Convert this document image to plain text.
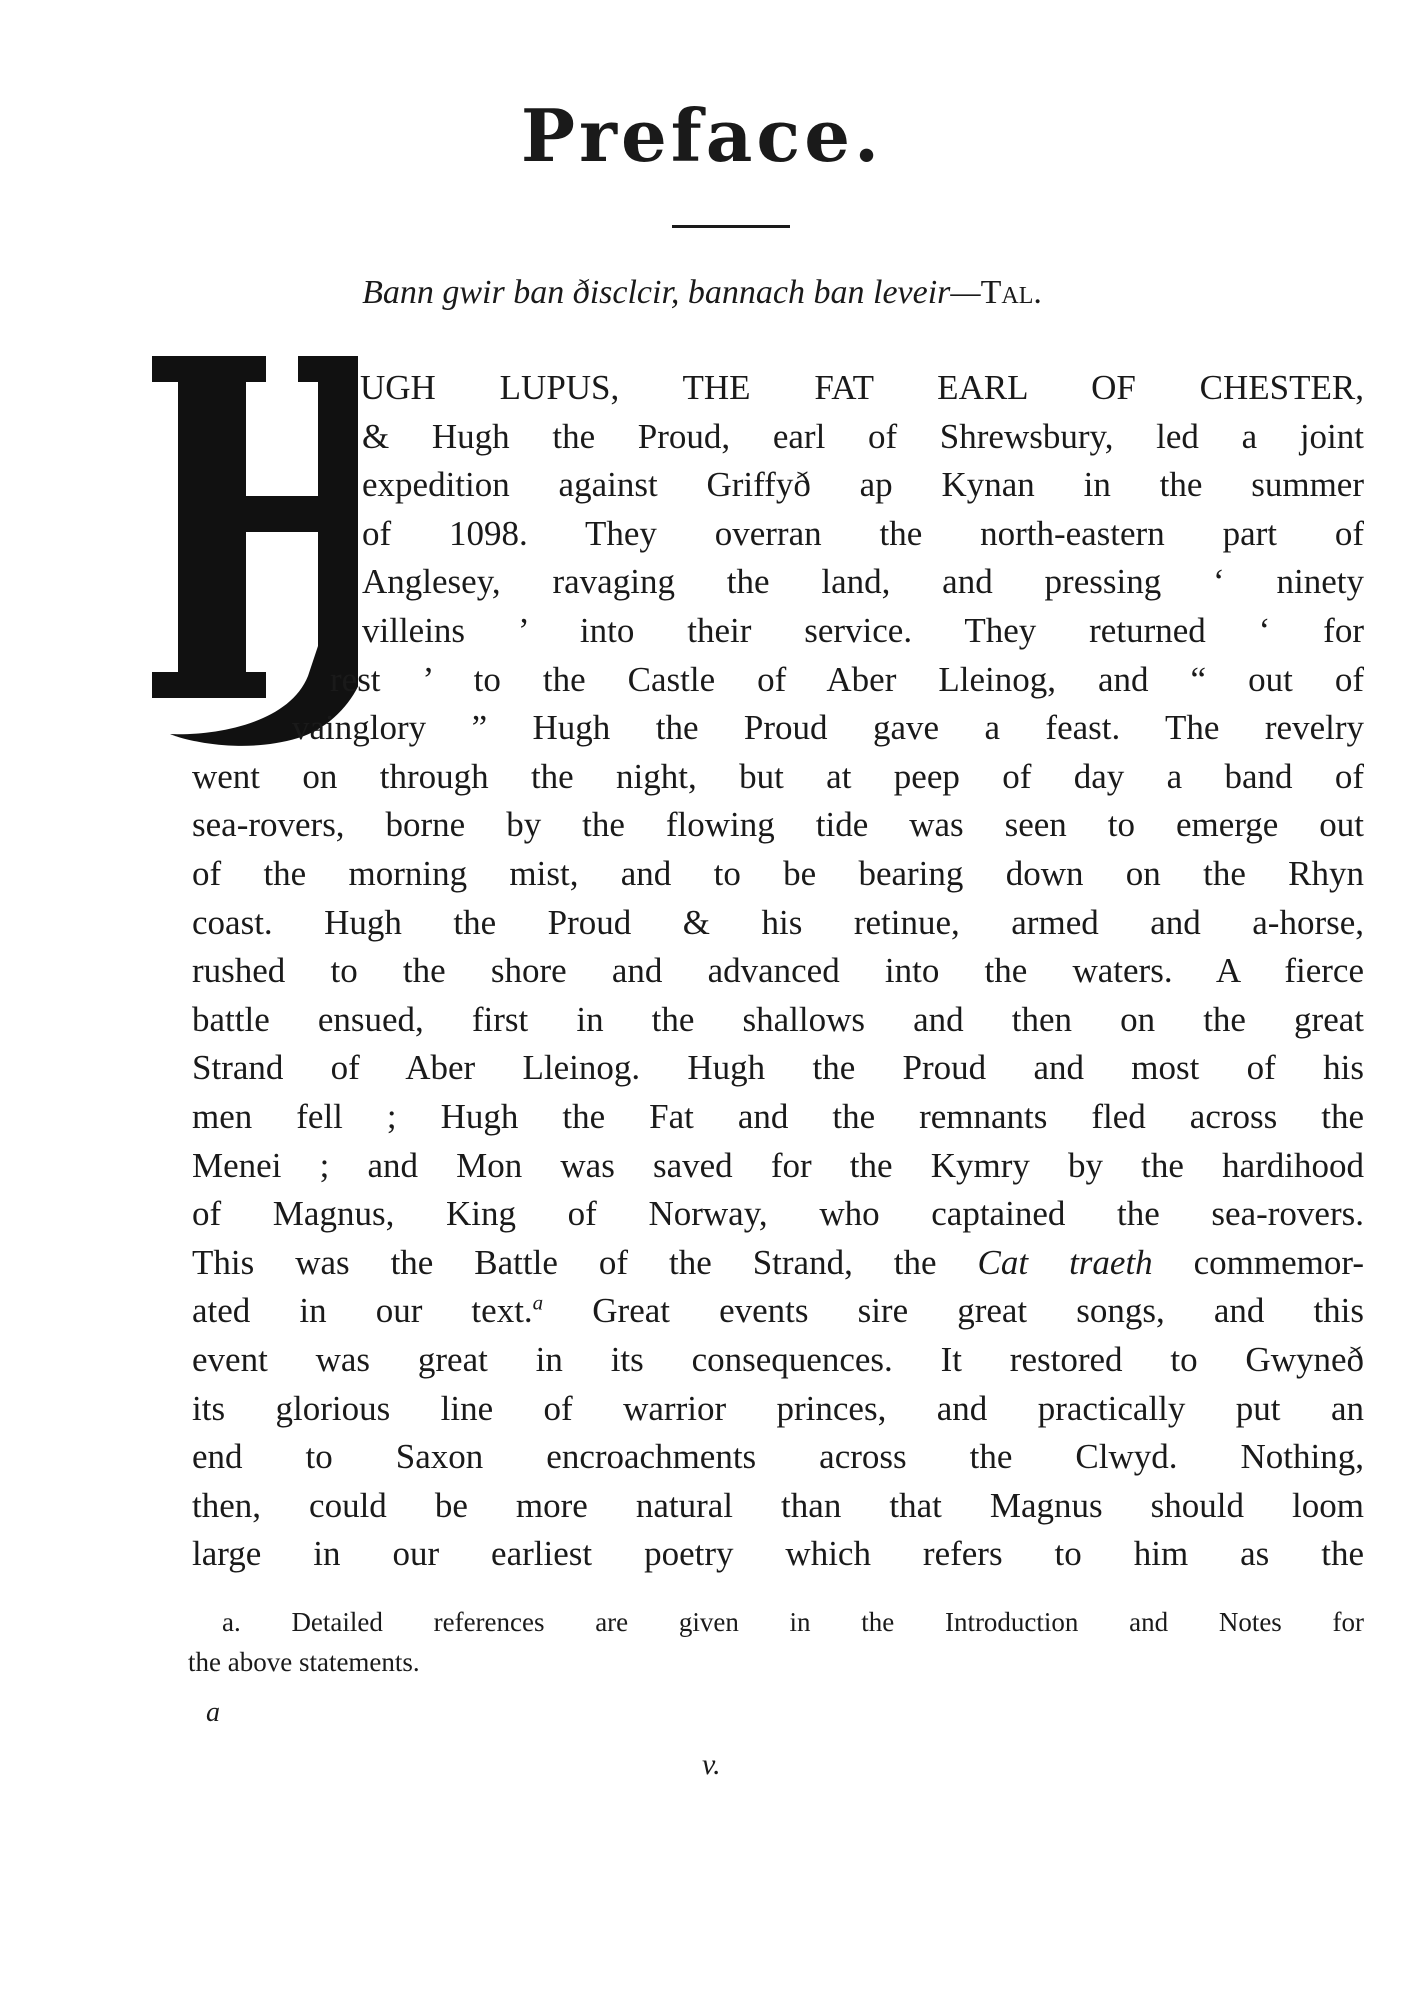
Preface.
Bann gwir ban ðisclcir, bannach ban leveir—Tal.
UGH LUPUS, THE FAT EARL OF CHESTER,
& Hugh the Proud, earl of Shrewsbury, led a joint
expedition against Griffyð ap Kynan in the summer
of 1098. They overran the north-eastern part of
Anglesey, ravaging the land, and pressing ‘ ninety
villeins ’ into their service. They returned ‘ for
rest ’ to the Castle of Aber Lleinog, and “ out of
vainglory ” Hugh the Proud gave a feast. The revelry
went on through the night, but at peep of day a band of
sea-rovers, borne by the flowing tide was seen to emerge out
of the morning mist, and to be bearing down on the Rhyn
coast. Hugh the Proud & his retinue, armed and a-horse,
rushed to the shore and advanced into the waters. A fierce
battle ensued, first in the shallows and then on the great
Strand of Aber Lleinog. Hugh the Proud and most of his
men fell ; Hugh the Fat and the remnants fled across the
Menei ; and Mon was saved for the Kymry by the hardihood
of Magnus, King of Norway, who captained the sea-rovers.
This was the Battle of the Strand, the Cat traeth commemor-
ated in our text.$^a$ Great events sire great songs, and this
event was great in its consequences. It restored to Gwyneð
its glorious line of warrior princes, and practically put an
end to Saxon encroachments across the Clwyd. Nothing,
then, could be more natural than that Magnus should loom
large in our earliest poetry which refers to him as the
a. Detailed references are given in the Introduction and Notes for
the above statements.
a
v.
